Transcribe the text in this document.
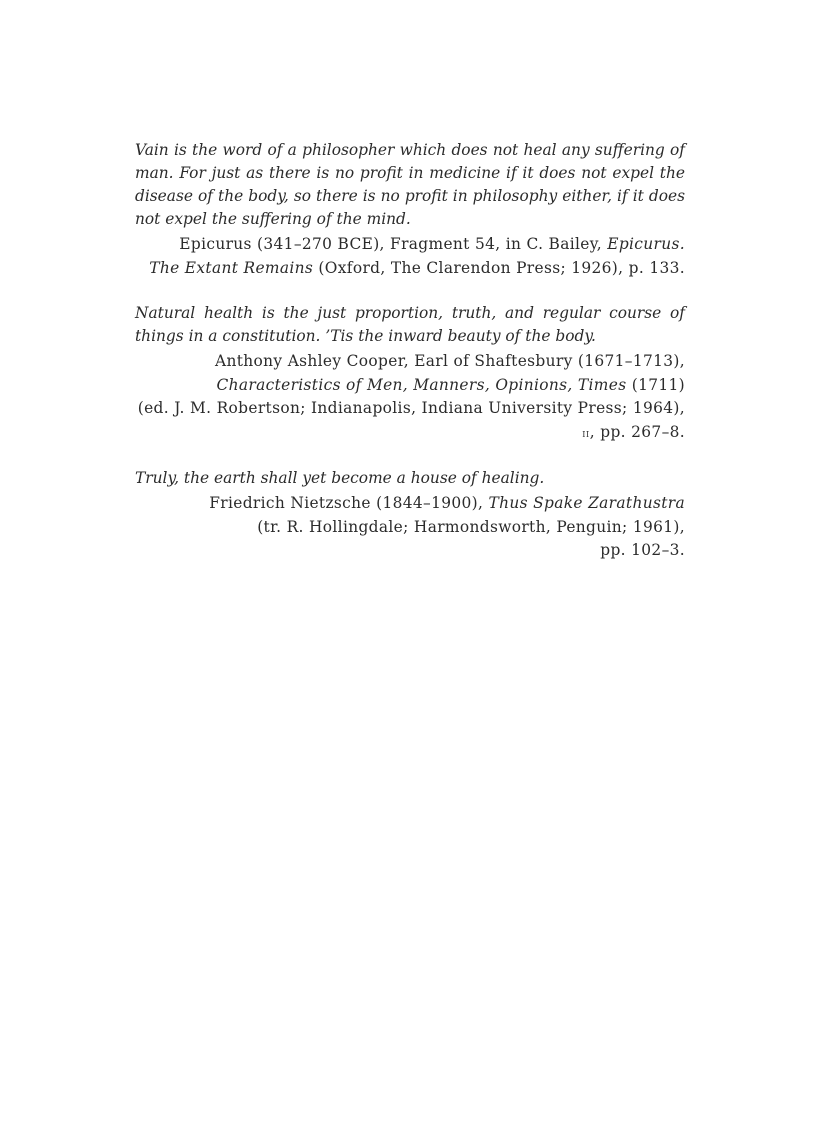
Vain is the word of a philosopher which does not heal any suffering of man. For just as there is no profit in medicine if it does not expel the disease of the body, so there is no profit in philosophy either, if it does not expel the suffering of the mind.

Epicurus (341–270 BCE), Fragment 54, in C. Bailey, Epicurus.
The Extant Remains (Oxford, The Clarendon Press; 1926), p. 133.

Natural health is the just proportion, truth, and regular course of things in a constitution. ’Tis the inward beauty of the body.

Anthony Ashley Cooper, Earl of Shaftesbury (1671–1713),
Characteristics of Men, Manners, Opinions, Times (1711)
(ed. J. M. Robertson; Indianapolis, Indiana University Press; 1964),
ii, pp. 267–8.

Truly, the earth shall yet become a house of healing.

Friedrich Nietzsche (1844–1900), Thus Spake Zarathustra
(tr. R. Hollingdale; Harmondsworth, Penguin; 1961),
pp. 102–3.
